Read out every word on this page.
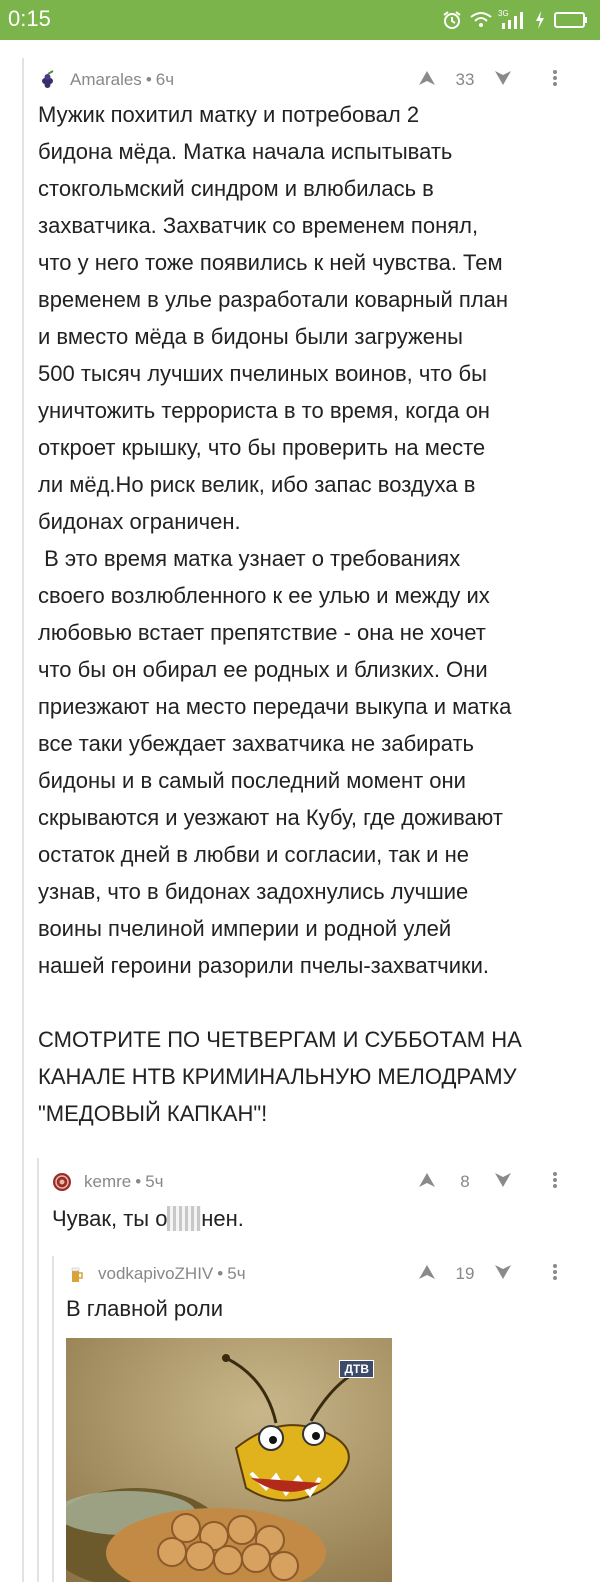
0:15	3G
Amarales • 6ч	33
Мужик похитил матку и потребовал 2
бидона мёда. Матка начала испытывать
стокгольмский синдром и влюбилась в
захватчика. Захватчик со временем понял,
что у него тоже появились к ней чувства. Тем
временем в улье разработали коварный план
и вместо мёда в бидоны были загружены
500 тысяч лучших пчелиных воинов, что бы
уничтожить террориста в то время, когда он
откроет крышку, что бы проверить на месте
ли мёд.Но риск велик, ибо запас воздуха в
бидонах ограничен.
В это время матка узнает о требованиях
своего возлюбленного к ее улью и между их
любовью встает препятствие - она не хочет
что бы он обирал ее родных и близких. Они
приезжают на место передачи выкупа и матка
все таки убеждает захватчика не забирать
бидоны и в самый последний момент они
скрываются и уезжают на Кубу, где доживают
остаток дней в любви и согласии, так и не
узнав, что в бидонах задохнулись лучшие
воины пчелиной империи и родной улей
нашей героини разорили пчелы-захватчики.
СМОТРИТЕ ПО ЧЕТВЕРГАМ И СУББОТАМ НА
КАНАЛЕ НТВ КРИМИНАЛЬНУЮ МЕЛОДРАМУ
"МЕДОВЫЙ КАПКАН"!
kemre • 5ч	8
Чувак, ты о нен.
vodkapivoZHIV • 5ч	19
В главной роли
ДТВ
